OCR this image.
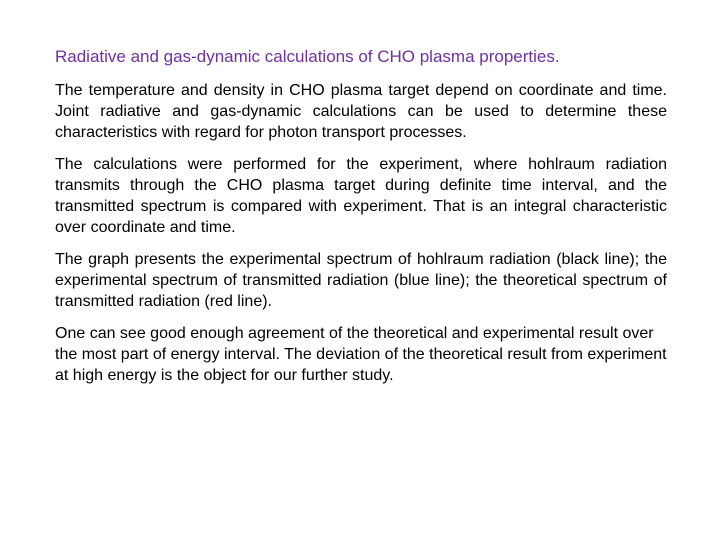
Radiative and gas-dynamic calculations of CHO plasma properties.

The temperature and density in CHO plasma target depend on coordinate and time. Joint radiative and gas-dynamic calculations can be used to determine these characteristics with regard for photon transport processes.

The calculations were performed for the experiment, where hohlraum radiation transmits through the CHO plasma target during definite time interval, and the transmitted spectrum is compared with experiment. That is an integral characteristic over coordinate and time.

The graph presents the experimental spectrum of hohlraum radiation (black line); the experimental spectrum of transmitted radiation (blue line); the theoretical spectrum of transmitted radiation (red line).

One can see good enough agreement of the theoretical and experimental result over the most part of energy interval. The deviation of the theoretical result from experiment at high energy is the object for our further study.
